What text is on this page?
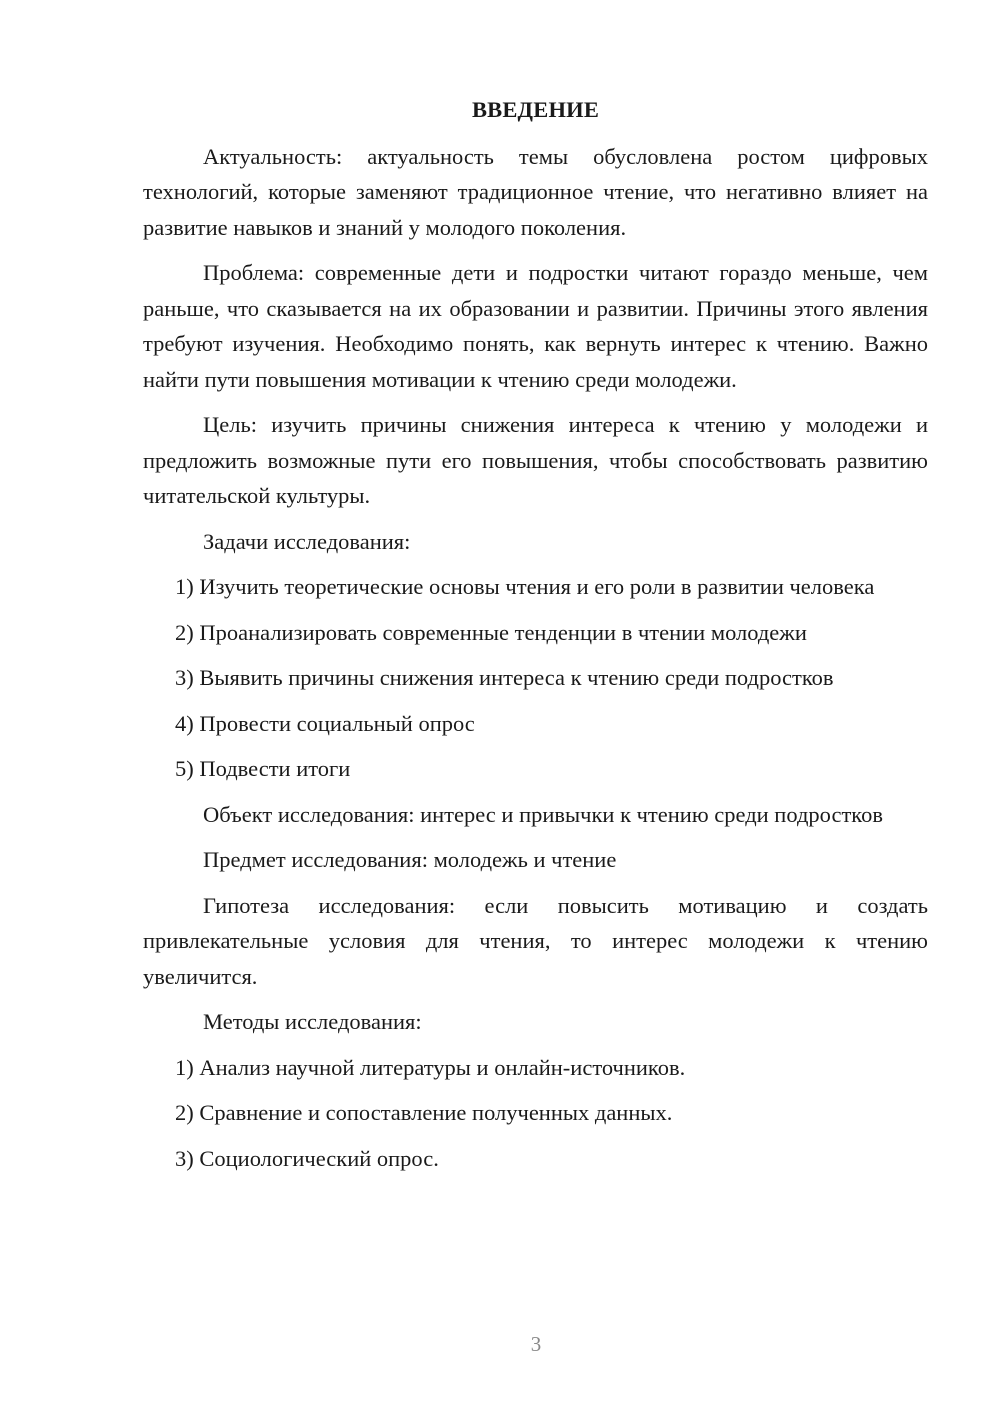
ВВЕДЕНИЕ

Актуальность: актуальность темы обусловлена ростом цифровых технологий, которые заменяют традиционное чтение, что негативно влияет на развитие навыков и знаний у молодого поколения.

Проблема: современные дети и подростки читают гораздо меньше, чем раньше, что сказывается на их образовании и развитии. Причины этого явления требуют изучения. Необходимо понять, как вернуть интерес к чтению. Важно найти пути повышения мотивации к чтению среди молодежи.

Цель: изучить причины снижения интереса к чтению у молодежи и предложить возможные пути его повышения, чтобы способствовать развитию читательской культуры.

Задачи исследования:

1) Изучить теоретические основы чтения и его роли в развитии человека

2) Проанализировать современные тенденции в чтении молодежи

3) Выявить причины снижения интереса к чтению среди подростков

4) Провести социальный опрос

5) Подвести итоги

Объект исследования: интерес и привычки к чтению среди подростков

Предмет исследования: молодежь и чтение

Гипотеза исследования: если повысить мотивацию и создать привлекательные условия для чтения, то интерес молодежи к чтению увеличится.

Методы исследования:

1) Анализ научной литературы и онлайн-источников.

2) Сравнение и сопоставление полученных данных.

3) Социологический опрос.

3
